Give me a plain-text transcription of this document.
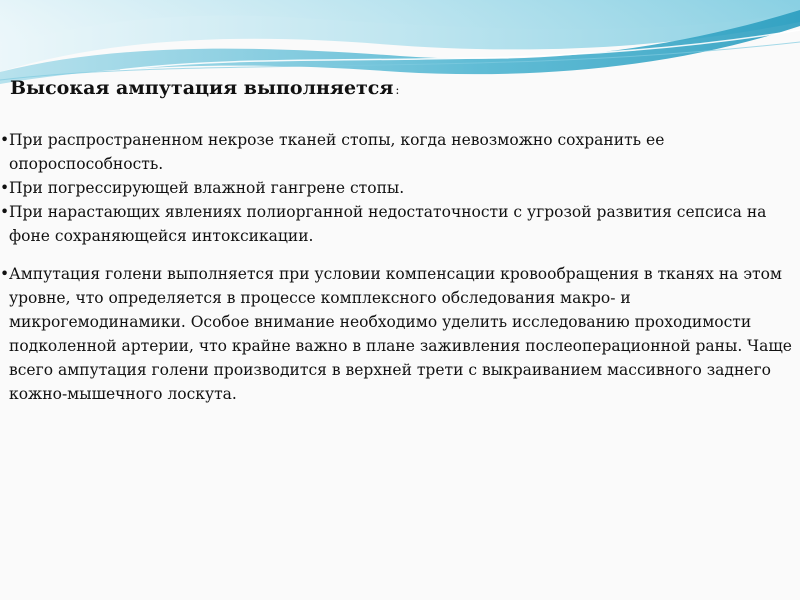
Высокая ампутация выполняется :

• При распространенном некрозе тканей стопы, когда невозможно сохранить ее опороспособность.

• При погрессирующей влажной гангрене стопы.

• При нарастающих явлениях полиорганной недостаточности с угрозой развития сепсиса на фоне сохраняющейся интоксикации.

• Ампутация голени выполняется при условии компенсации кровообращения в тканях на этом уровне, что определяется в процессе комплексного обследования макро- и микрогемодинамики. Особое внимание необходимо уделить исследованию проходимости подколенной артерии, что крайне важно в плане заживления послеоперационной раны. Чаще всего ампутация голени производится в верхней трети с выкраиванием массивного заднего кожно-мышечного лоскута.
